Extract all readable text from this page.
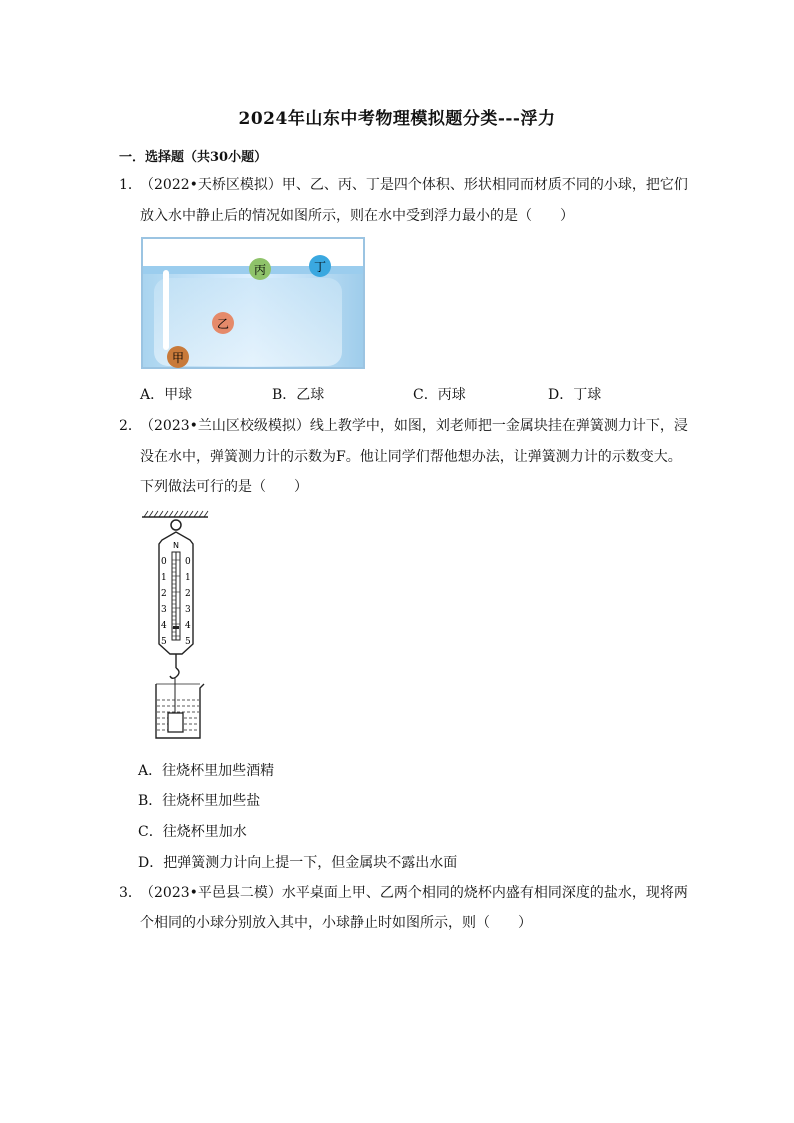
2024年山东中考物理模拟题分类---浮力
一．选择题（共30小题）
1．
（2022•天桥区模拟）甲、乙、丙、丁是四个体积、形状相同而材质不同的小球，把它们
放入水中静止后的情况如图所示，则在水中受到浮力最小的是（　　）
丙	丁
乙
甲
A．甲球	B．乙球	C．丙球	D．丁球
2．
（2023•兰山区校级模拟）线上教学中，如图，刘老师把一金属块挂在弹簧测力计下，浸
没在水中，弹簧测力计的示数为F。他让同学们帮他想办法，让弹簧测力计的示数变大。
下列做法可行的是（　　）
N
0
1
2
3
4
5
0
1
2
3
4
5
A．往烧杯里加些酒精
B．往烧杯里加些盐
C．往烧杯里加水
D．把弹簧测力计向上提一下，但金属块不露出水面
3．
（2023•平邑县二模）水平桌面上甲、乙两个相同的烧杯内盛有相同深度的盐水，现将两
个相同的小球分别放入其中，小球静止时如图所示，则（　　）
